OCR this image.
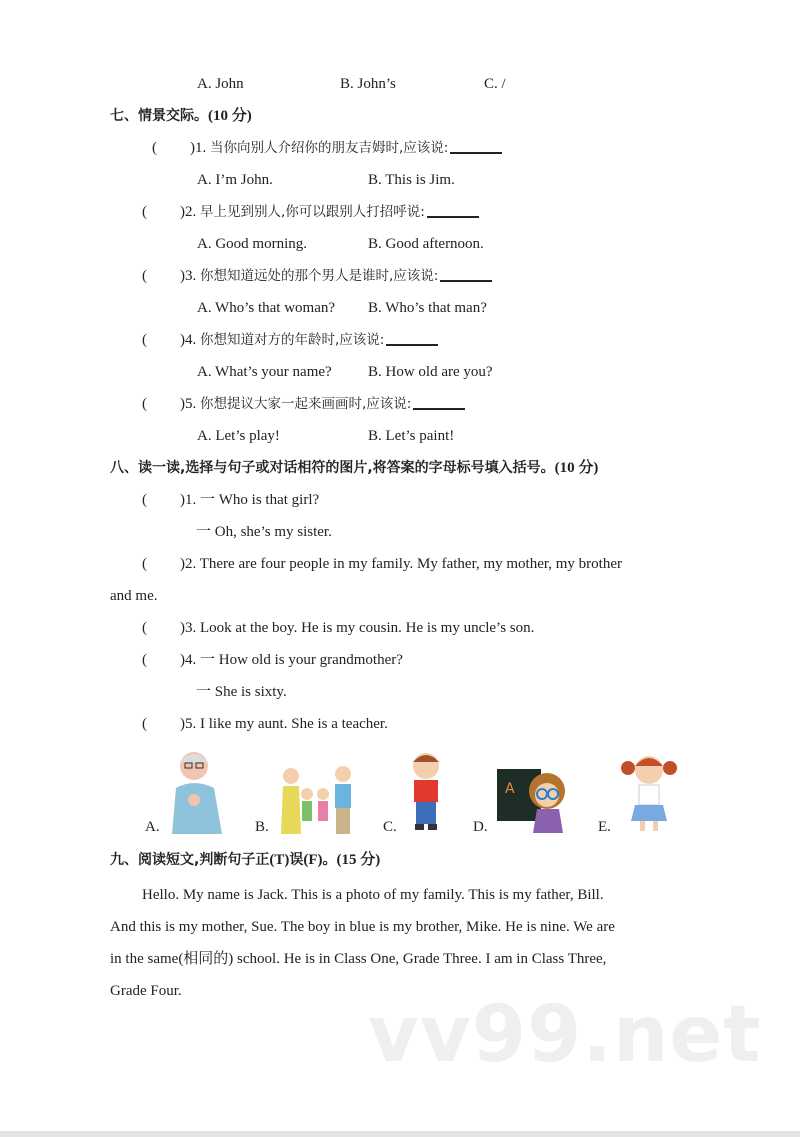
A. John	B. John’s	C. /
七、情景交际。(10 分)
( )1. 当你向别人介绍你的朋友吉姆时,应该说:
A. I’m John.	B. This is Jim.
( )2. 早上见到别人,你可以跟别人打招呼说:
A. Good morning.	B. Good afternoon.
( )3. 你想知道远处的那个男人是谁时,应该说:
A. Who’s that woman? B. Who’s that man?
( )4. 你想知道对方的年龄时,应该说:
A. What’s your name? B. How old are you?
( )5. 你想提议大家一起来画画时,应该说:
A. Let’s play!	B. Let’s paint!
八、读一读,选择与句子或对话相符的图片,将答案的字母标号填入括号。(10 分)
( )1. 一 Who is that girl?
一 Oh, she’s my sister.
( )2. There are four people in my family. My father, my mother, my brother
and me.
( )3. Look at the boy. He is my cousin. He is my uncle’s son.
( )4. 一 How old is your grandmother?
一 She is sixty.
( )5. I like my aunt. She is a teacher.
A.	B.	C.	D.
A
E.
九、阅读短文,判断句子正(T)误(F)。(15 分)
Hello. My name is Jack. This is a photo of my family. This is my father, Bill.
And this is my mother, Sue. The boy in blue is my brother, Mike. He is nine. We are
in the same(相同的) school. He is in Class One, Grade Three. I am in Class Three,
Grade Four. vv99.net
